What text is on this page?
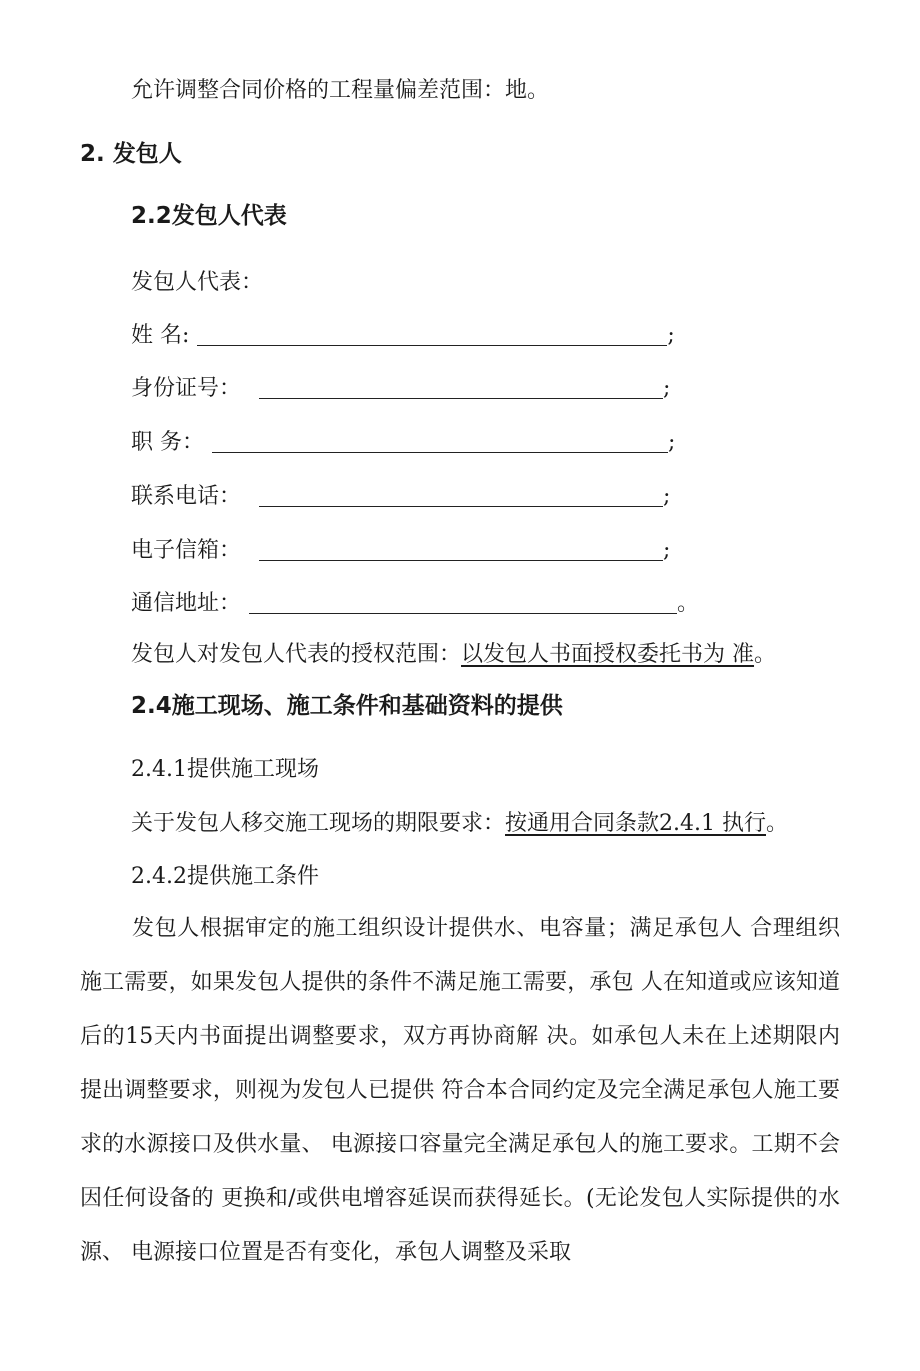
允许调整合同价格的工程量偏差范围：地。
2. 发包人
2.2发包人代表
发包人代表：
姓 名:	;
身份证号：	;
职 务：	;
联系电话：	;
电子信箱：	;
通信地址：	。
发包人对发包人代表的授权范围：以发包人书面授权委托书为 准。
2.4施工现场、施工条件和基础资料的提供
2.4.1提供施工现场
关于发包人移交施工现场的期限要求：按通用合同条款2.4.1 执行。
2.4.2提供施工条件
发包人根据审定的施工组织设计提供水、电容量；满足承包人 合理组织施工需要，如果发包人提供的条件不满足施工需要，承包 人在知道或应该知道后的15天内书面提出调整要求，双方再协商解 决。如承包人未在上述期限内提出调整要求，则视为发包人已提供 符合本合同约定及完全满足承包人施工要求的水源接口及供水量、 电源接口容量完全满足承包人的施工要求。工期不会因任何设备的 更换和/或供电增容延误而获得延长。(无论发包人实际提供的水源、 电源接口位置是否有变化，承包人调整及采取
